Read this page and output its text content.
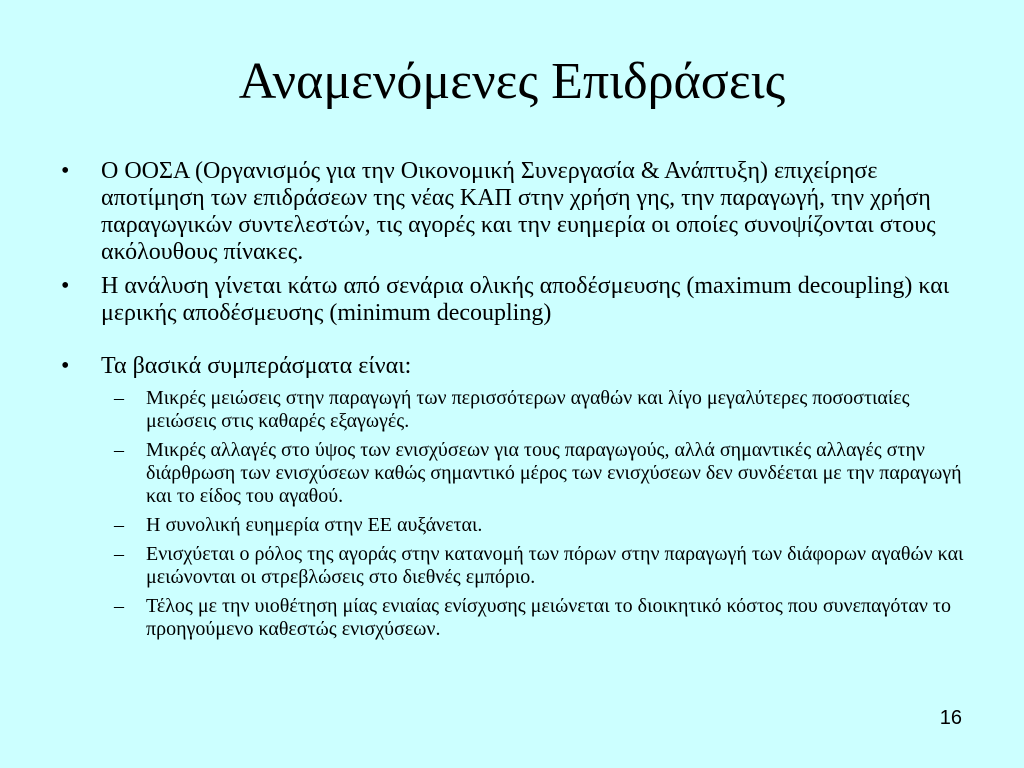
Αναμενόμενες Επιδράσεις
•	Ο ΟΟΣΑ (Οργανισμός για την Οικονομική Συνεργασία & Ανάπτυξη) επιχείρησε αποτίμηση των επιδράσεων της νέας ΚΑΠ στην χρήση γης, την παραγωγή, την χρήση παραγωγικών συντελεστών, τις αγορές και την ευημερία οι οποίες συνοψίζονται στους ακόλουθους πίνακες.
•	Η ανάλυση γίνεται κάτω από σενάρια ολικής αποδέσμευσης (maximum decoupling) και μερικής αποδέσμευσης (minimum decoupling)
•	Τα βασικά συμπεράσματα είναι:
–	Μικρές μειώσεις στην παραγωγή των περισσότερων αγαθών και λίγο μεγαλύτερες ποσοστιαίες μειώσεις στις καθαρές εξαγωγές.
–	Μικρές αλλαγές στο ύψος των ενισχύσεων για τους παραγωγούς, αλλά σημαντικές αλλαγές στην διάρθρωση των ενισχύσεων καθώς σημαντικό μέρος των ενισχύσεων δεν συνδέεται με την παραγωγή και το είδος του αγαθού.
–	Η συνολική ευημερία στην ΕΕ αυξάνεται.
–	Ενισχύεται ο ρόλος της αγοράς στην κατανομή των πόρων στην παραγωγή των διάφορων αγαθών και μειώνονται οι στρεβλώσεις στο διεθνές εμπόριο.
–	Τέλος με την υιοθέτηση μίας ενιαίας ενίσχυσης μειώνεται το διοικητικό κόστος που συνεπαγόταν το προηγούμενο καθεστώς ενισχύσεων.
16
